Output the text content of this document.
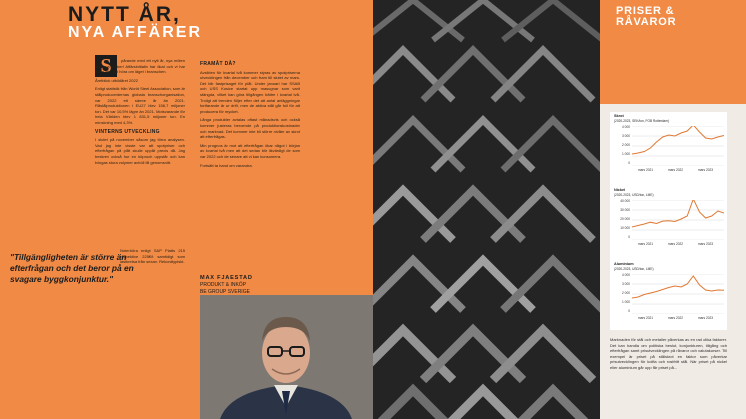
NYTT ÅR,
NYA AFFÄRER
S	pårande med ett nytt år, nya möten och nya affärer! Affärsinitiativ har ökat och vi har ännu inte fått höra om läget i branschen.

Åretblick utbildåret 2022

Enligt statistik från World Steel Association, som är stålproducenternas globala branschorganisation, var 2022 ett sämre år än 2021. Råstålproduktionen i EU27 blev 156,7 miljoner ton. Det var 10,5% lägre än 2021. Motsvarande för hela Världen blev 1 831,5 miljoner ton. En minskning med 4,3%.

VINTERNS UTVECKLING

I slutet på november såsom jag förra analysen. Vad jag inte visste var att spotpriser och efterfrågan på plåt skulle uppåt precis då. Jag beskrev också hur en köpruch uppstår och kan tvingas stora volymer avhöll till genomsnitt.

FRAMÅT DÅ?

Avsikten för kvartal två kommer styras av spotpriserna utvecklingen från december och fram till slutet av mars. Det blir fastprisaget för plåt. Under januari har SSAB och USS Kosice startat upp masugnar som varit stängda, vilket kan göra tillgången bättre i kvartal två. Troligt att trenden följer efter det att antal anläggningar fortfarande är ur drift, men de aktiva stål går full för att producera för mycket.

Långa produkter avtalas oftast månadsvis och också kommer justeras beroende på produktionskostnader och marknad. Det kommer inte bli större nivåer av skrot att efterfrågas.

Min prognos är mot att efterfrågan ökar något i början av kvartal två men att det sedan blir likvärdigt de som var 2022 och de senare att vi kan konsumera.

Fortsätt ta hand om varandra.

Noterhöra enligt S&P Platts 215 respektive 225€/t samtidigt som lastkretsa från sexan. Rekordtypiskt.

"Tillgängligheten är större än efterfrågan och det beror på en svagare byggkonjunktur."	MAX FJAESTAD
PRODUKT & INKÖP
BE GROUP SVERIGE
PRISER &
RÅVAROR
Skrot
(2020-2023, SEK/ton, FOB Rotterdam)
4 000
3 000
2 000
1 000
0
mars 2021	mars 2022	mars 2023
Nickel
(2020-2023, USD/ton, LME)
40 000
30 000
20 000
10 000
0
mars 2021	mars 2022	mars 2023
Aluminium
(2020-2023, USD/ton, LME)
4 000
3 000
2 000
1 000
0
mars 2021	mars 2022	mars 2023
Marknaden för stål och metaller påverkas av en rad olika faktorer. Det kan handla om politiska beslut, konjunkturen, tillgång och efterfrågan samt prisutvecklingen på råvaror och valutakurser. Till exempel är priset på stålskrot en faktor som påverkar prisutvecklingen för kolfia och rostfritt stål. När priset på nickel eller aluminium går upp får priset på...
